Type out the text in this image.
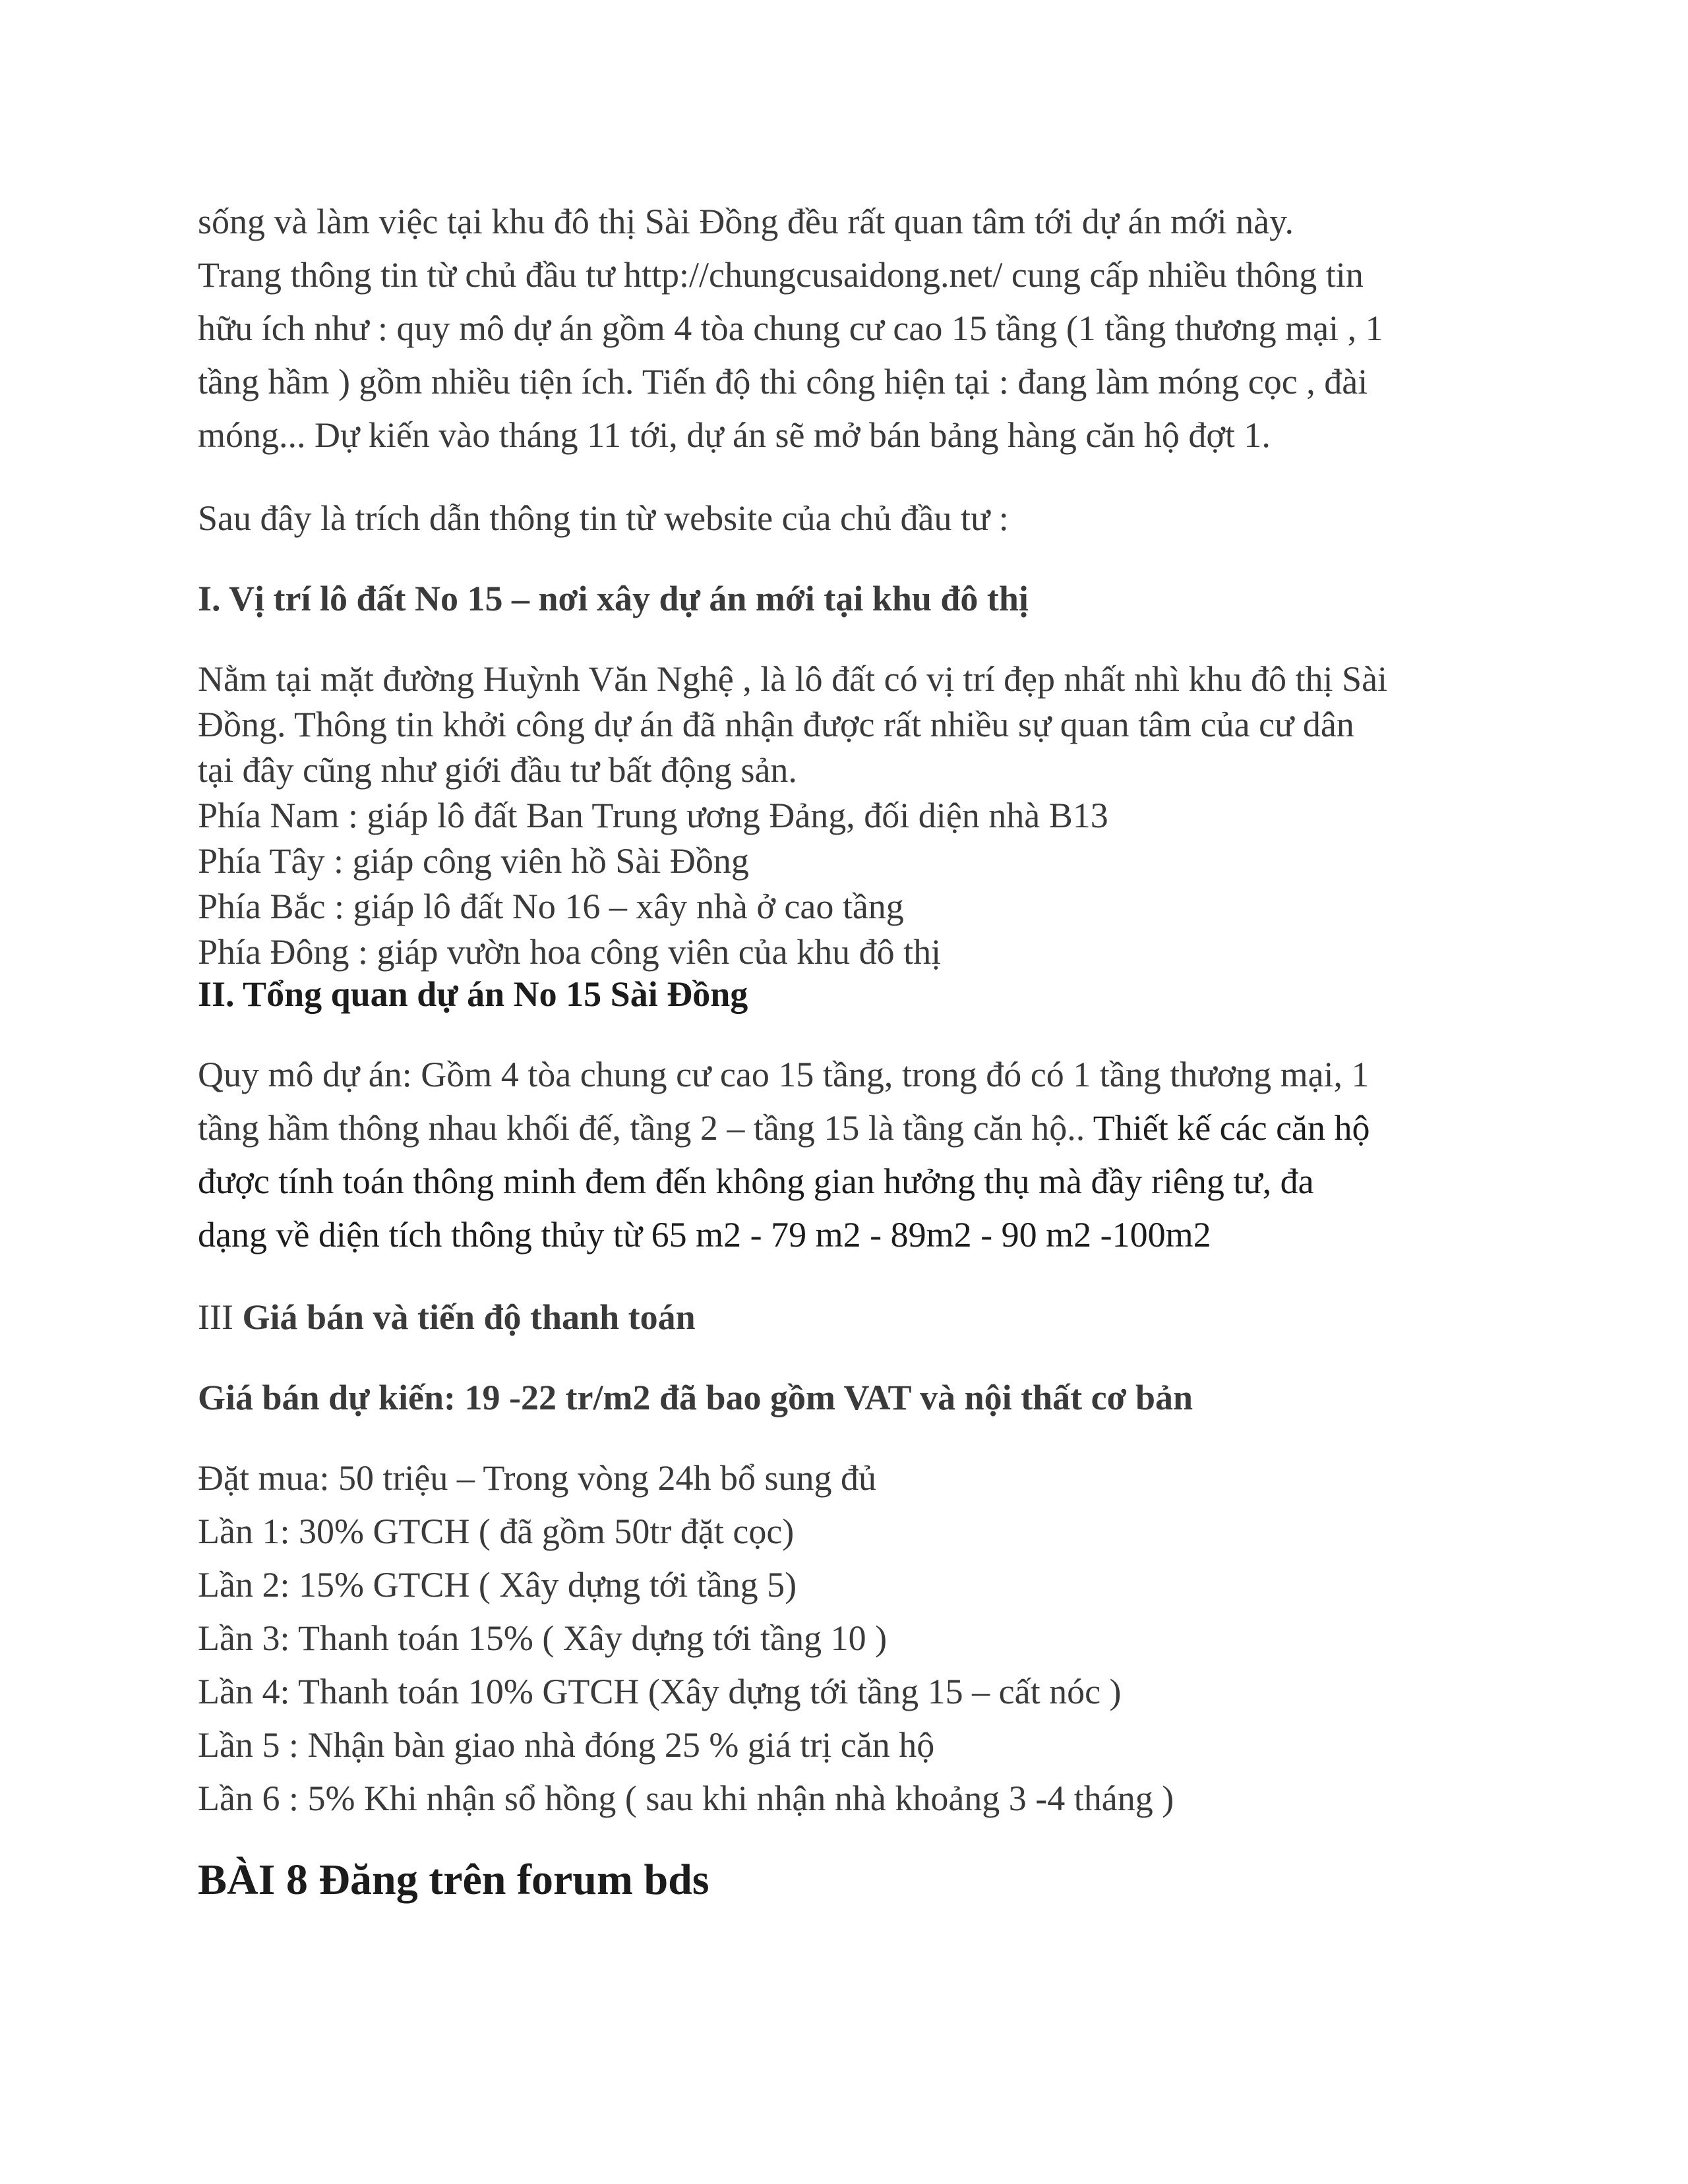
sống và làm việc tại khu đô thị Sài Đồng đều rất quan tâm tới dự án mới này.

Trang thông tin từ chủ đầu tư http://chungcusaidong.net/ cung cấp nhiều thông tin

hữu ích như : quy mô dự án gồm 4 tòa chung cư cao 15 tầng (1 tầng thương mại , 1

tầng hầm ) gồm nhiều tiện ích. Tiến độ thi công hiện tại : đang làm móng cọc , đài

móng... Dự kiến vào tháng 11 tới, dự án sẽ mở bán bảng hàng căn hộ đợt 1.

Sau đây là trích dẫn thông tin từ website của chủ đầu tư :

I. Vị trí lô đất No 15 – nơi xây dự án mới tại khu đô thị

Nằm tại mặt đường Huỳnh Văn Nghệ , là lô đất có vị trí đẹp nhất nhì khu đô thị Sài

Đồng. Thông tin khởi công dự án đã nhận được rất nhiều sự quan tâm của cư dân

tại đây cũng như giới đầu tư bất động sản.

Phía Nam : giáp lô đất Ban Trung ương Đảng, đối diện nhà B13

Phía Tây : giáp công viên hồ Sài Đồng

Phía Bắc : giáp lô đất No 16 – xây nhà ở cao tầng

Phía Đông : giáp vườn hoa công viên của khu đô thị

II. Tổng quan dự án No 15 Sài Đồng

Quy mô dự án: Gồm 4 tòa chung cư cao 15 tầng, trong đó có 1 tầng thương mại, 1

tầng hầm thông nhau khối đế, tầng 2 – tầng 15 là tầng căn hộ.. Thiết kế các căn hộ

được tính toán thông minh đem đến không gian hưởng thụ mà đầy riêng tư, đa

dạng về diện tích thông thủy từ 65 m2 - 79 m2 - 89m2 - 90 m2 -100m2

III Giá bán và tiến độ thanh toán

Giá bán dự kiến: 19 -22 tr/m2 đã bao gồm VAT và nội thất cơ bản

Đặt mua: 50 triệu – Trong vòng 24h bổ sung đủ

Lần 1: 30% GTCH ( đã gồm 50tr đặt cọc)

Lần 2: 15% GTCH ( Xây dựng tới tầng 5)

Lần 3: Thanh toán 15% ( Xây dựng tới tầng 10 )

Lần 4: Thanh toán 10% GTCH (Xây dựng tới tầng 15 – cất nóc )

Lần 5 : Nhận bàn giao nhà đóng 25 % giá trị căn hộ

Lần 6 : 5% Khi nhận sổ hồng ( sau khi nhận nhà khoảng 3 -4 tháng )

BÀI 8 Đăng trên forum bds
